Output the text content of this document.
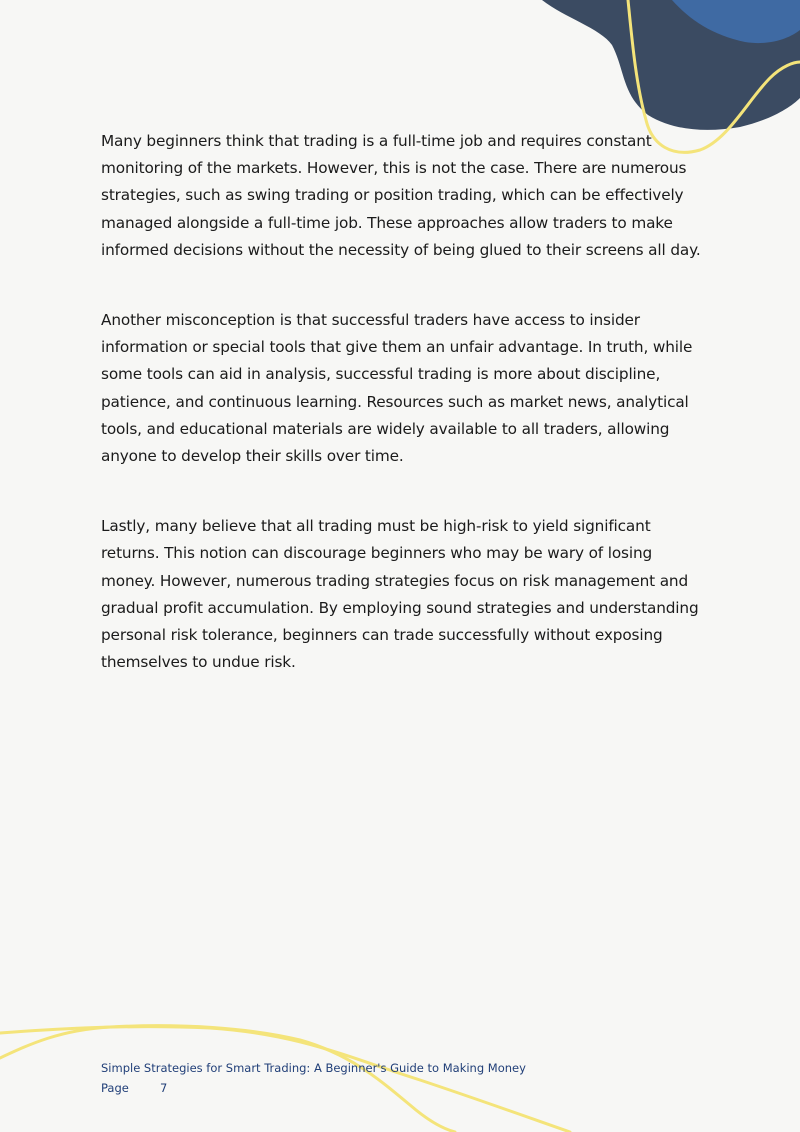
Many beginners think that trading is a full-time job and requires constant monitoring of the markets. However, this is not the case. There are numerous strategies, such as swing trading or position trading, which can be effectively managed alongside a full-time job. These approaches allow traders to make informed decisions without the necessity of being glued to their screens all day.

Another misconception is that successful traders have access to insider information or special tools that give them an unfair advantage. In truth, while some tools can aid in analysis, successful trading is more about discipline, patience, and continuous learning. Resources such as market news, analytical tools, and educational materials are widely available to all traders, allowing anyone to develop their skills over time.

Lastly, many believe that all trading must be high-risk to yield significant returns. This notion can discourage beginners who may be wary of losing money. However, numerous trading strategies focus on risk management and gradual profit accumulation. By employing sound strategies and understanding personal risk tolerance, beginners can trade successfully without exposing themselves to undue risk.

Simple Strategies for Smart Trading: A Beginner's Guide to Making Money
Page	7
